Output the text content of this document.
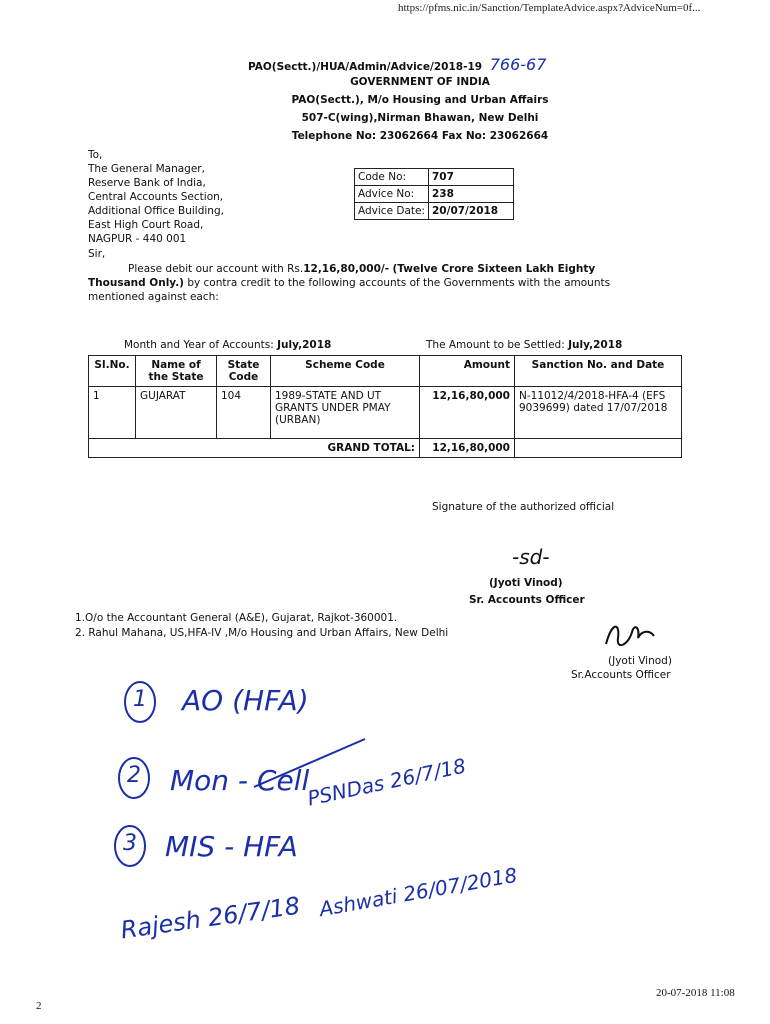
https://pfms.nic.in/Sanction/TemplateAdvice.aspx?AdviceNum=0f...
PAO(Sectt.)/HUA/Admin/Advice/2018-19 766-67
GOVERNMENT OF INDIA
PAO(Sectt.), M/o Housing and Urban Affairs
507-C(wing),Nirman Bhawan, New Delhi
Telephone No: 23062664 Fax No: 23062664
To,
The General Manager,
Reserve Bank of India,
Central Accounts Section,
Additional Office Building,
East High Court Road,
NAGPUR - 440 001
Code No:	707
Advice No:	238
Advice Date:	20/07/2018
Sir,
Please debit our account with Rs.12,16,80,000/- (Twelve Crore Sixteen Lakh Eighty
Thousand Only.) by contra credit to the following accounts of the Governments with the amounts
mentioned against each:
Month and Year of Accounts: July,2018	The Amount to be Settled: July,2018
Sl.No.	Name of the State	State Code	Scheme Code	Amount	Sanction No. and Date
1	GUJARAT	104	1989-STATE AND UT GRANTS UNDER PMAY (URBAN)	12,16,80,000	N-11012/4/2018-HFA-4 (EFS 9039699) dated 17/07/2018
GRAND TOTAL:				12,16,80,000	
Signature of the authorized official
-sd-
(Jyoti Vinod)
Sr. Accounts Officer
1.O/o the Accountant General (A&E), Gujarat, Rajkot-360001.
2. Rahul Mahana, US,HFA-IV ,M/o Housing and Urban Affairs, New Delhi
(Jyoti Vinod)
Sr.Accounts Officer
1 AO (HFA)
2 Mon - Cell
PSNDas 26/7/18
3 MIS - HFA
Rajesh 26/7/18 Ashwati 26/07/2018
20-07-2018 11:08
2
